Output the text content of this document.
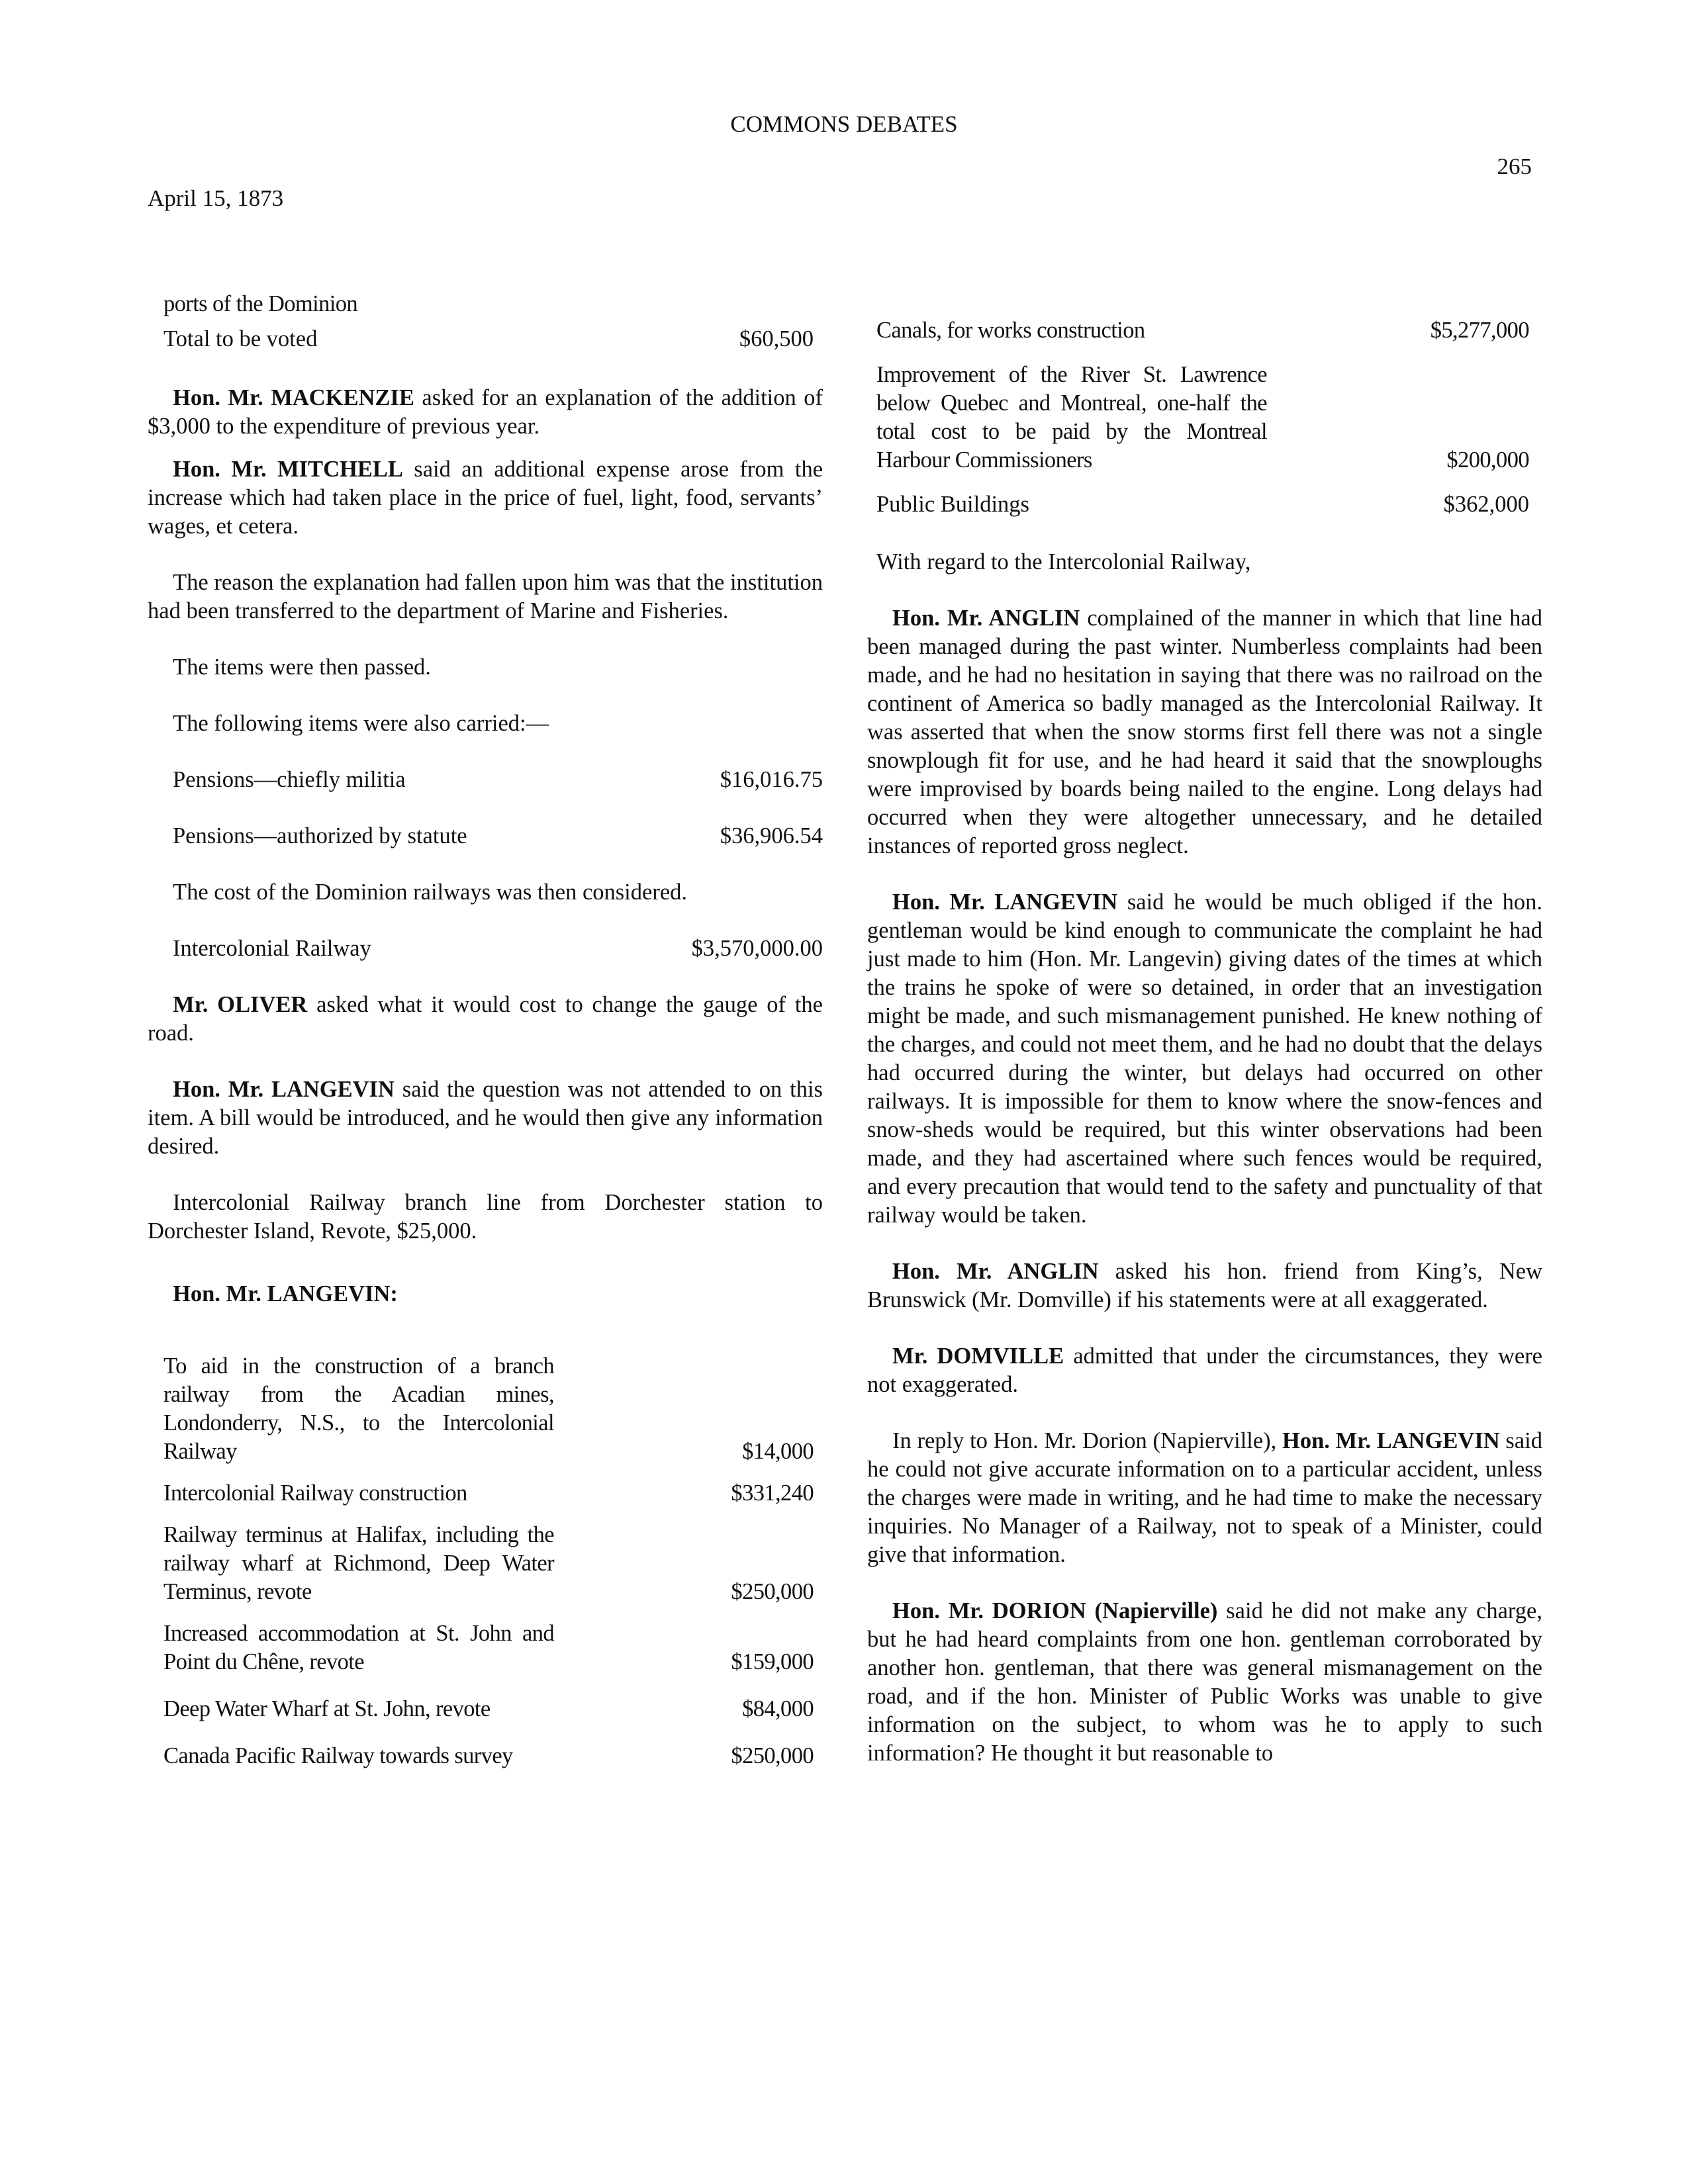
COMMONS DEBATES
265
April 15, 1873
ports of the Dominion
Total to be voted	$60,500

Hon. Mr. MACKENZIE asked for an explanation of the addition of $3,000 to the expenditure of previous year.

Hon. Mr. MITCHELL said an additional expense arose from the increase which had taken place in the price of fuel, light, food, servants’ wages, et cetera.

The reason the explanation had fallen upon him was that the institution had been transferred to the department of Marine and Fisheries.

The items were then passed.

The following items were also carried:—

Pensions—chiefly militia	$16,016.75
Pensions—authorized by statute	$36,906.54

The cost of the Dominion railways was then considered.

Intercolonial Railway	$3,570,000.00

Mr. OLIVER asked what it would cost to change the gauge of the road.

Hon. Mr. LANGEVIN said the question was not attended to on this item. A bill would be introduced, and he would then give any information desired.

Intercolonial Railway branch line from Dorchester station to Dorchester Island, Revote, $25,000.

Hon. Mr. LANGEVIN:

To aid in the construction of a branch railway from the Acadian mines, Londonderry, N.S., to the Intercolonial Railway	$14,000
Intercolonial Railway construction	$331,240
Railway terminus at Halifax, including the railway wharf at Richmond, Deep Water Terminus, revote	$250,000
Increased accommodation at St. John and Point du Chêne, revote	$159,000
Deep Water Wharf at St. John, revote	$84,000
Canada Pacific Railway towards survey	$250,000
Canals, for works construction	$5,277,000
Improvement of the River St. Lawrence below Quebec and Montreal, one-half the total cost to be paid by the Montreal Harbour Commissioners	$200,000
Public Buildings	$362,000

With regard to the Intercolonial Railway,

Hon. Mr. ANGLIN complained of the manner in which that line had been managed during the past winter. Numberless complaints had been made, and he had no hesitation in saying that there was no railroad on the continent of America so badly managed as the Intercolonial Railway. It was asserted that when the snow storms first fell there was not a single snowplough fit for use, and he had heard it said that the snowploughs were improvised by boards being nailed to the engine. Long delays had occurred when they were altogether unnecessary, and he detailed instances of reported gross neglect.

Hon. Mr. LANGEVIN said he would be much obliged if the hon. gentleman would be kind enough to communicate the complaint he had just made to him (Hon. Mr. Langevin) giving dates of the times at which the trains he spoke of were so detained, in order that an investigation might be made, and such mismanagement punished. He knew nothing of the charges, and could not meet them, and he had no doubt that the delays had occurred during the winter, but delays had occurred on other railways. It is impossible for them to know where the snow-fences and snow-sheds would be required, but this winter observations had been made, and they had ascertained where such fences would be required, and every precaution that would tend to the safety and punctuality of that railway would be taken.

Hon. Mr. ANGLIN asked his hon. friend from King’s, New Brunswick (Mr. Domville) if his statements were at all exaggerated.

Mr. DOMVILLE admitted that under the circumstances, they were not exaggerated.

In reply to Hon. Mr. Dorion (Napierville), Hon. Mr. LANGEVIN said he could not give accurate information on to a particular accident, unless the charges were made in writing, and he had time to make the necessary inquiries. No Manager of a Railway, not to speak of a Minister, could give that information.

Hon. Mr. DORION (Napierville) said he did not make any charge, but he had heard complaints from one hon. gentleman corroborated by another hon. gentleman, that there was general mismanagement on the road, and if the hon. Minister of Public Works was unable to give information on the subject, to whom was he to apply to such information? He thought it but reasonable to
